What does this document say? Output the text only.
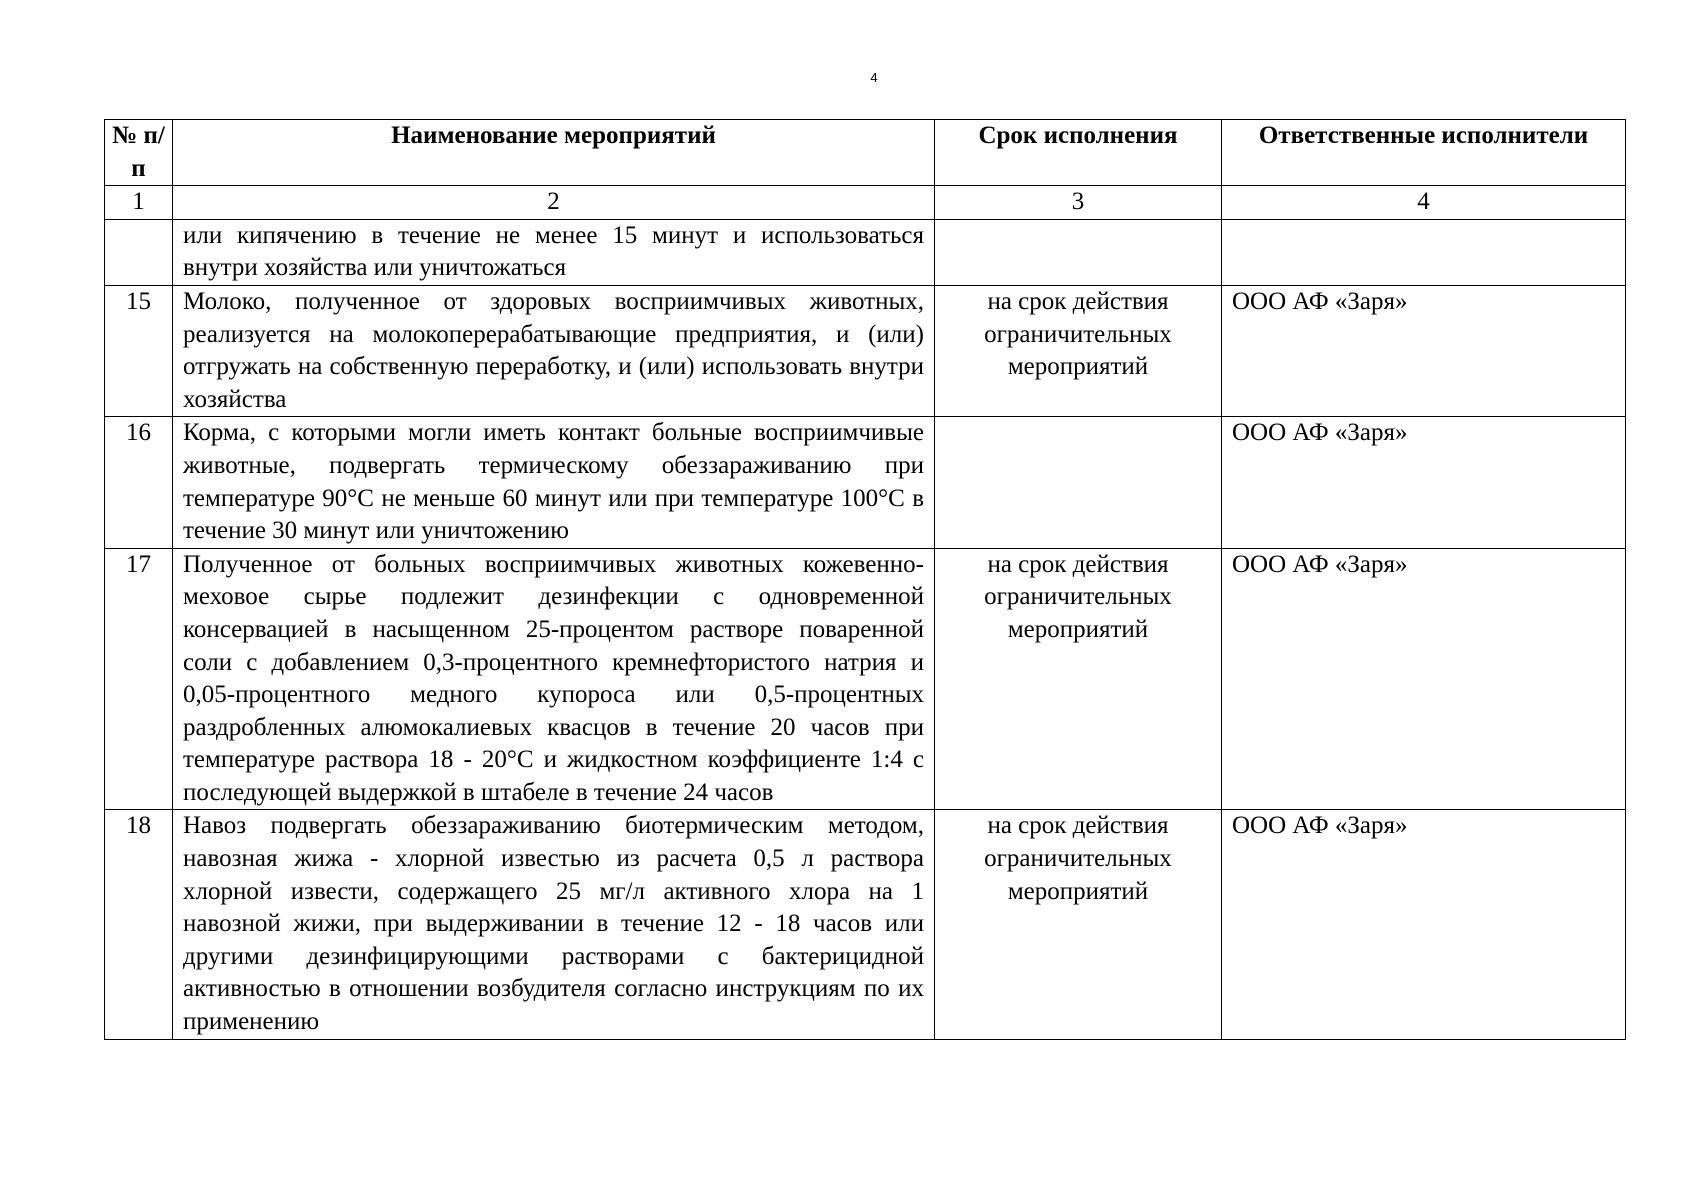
4
№ п/п	Наименование мероприятий	Срок исполнения	Ответственные исполнители
1	2	3	4
	или кипячению в течение не менее 15 минут и использоваться внутри хозяйства или уничтожаться		
15	Молоко, полученное от здоровых восприимчивых животных, реализуется на молокоперерабатывающие предприятия, и (или) отгружать на собственную переработку, и (или) использовать внутри хозяйства	на срок действия ограничительных мероприятий	ООО АФ «Заря»
16	Корма, с которыми могли иметь контакт больные восприимчивые животные, подвергать термическому обеззараживанию при температуре 90°С не меньше 60 минут или при температуре 100°С в течение 30 минут или уничтожению		ООО АФ «Заря»
17	Полученное от больных восприимчивых животных кожевенно-меховое сырье подлежит дезинфекции с одновременной консервацией в насыщенном 25-процентом растворе поваренной соли с добавлением 0,3-процентного кремнефтористого натрия и 0,05-процентного медного купороса или 0,5-процентных раздробленных алюмокалиевых квасцов в течение 20 часов при температуре раствора 18 - 20°С и жидкостном коэффициенте 1:4 с последующей выдержкой в штабеле в течение 24 часов	на срок действия ограничительных мероприятий	ООО АФ «Заря»
18	Навоз подвергать обеззараживанию биотермическим методом, навозная жижа - хлорной известью из расчета 0,5 л раствора хлорной извести, содержащего 25 мг/л активного хлора на 1 навозной жижи, при выдерживании в течение 12 - 18 часов или другими дезинфицирующими растворами с бактерицидной активностью в отношении возбудителя согласно инструкциям по их применению	на срок действия ограничительных мероприятий	ООО АФ «Заря»
